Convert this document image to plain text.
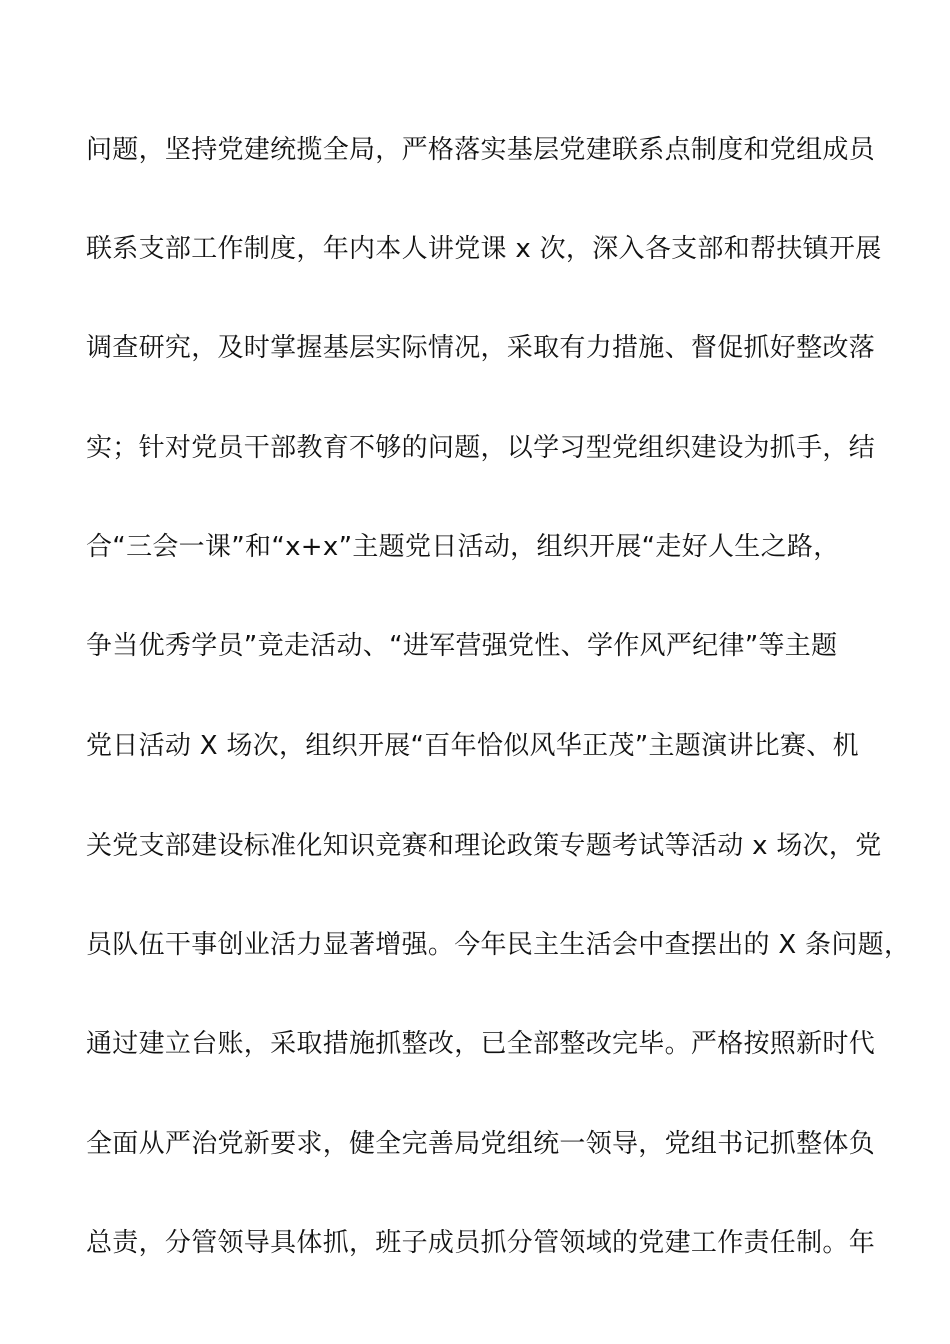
问题，坚持党建统揽全局，严格落实基层党建联系点制度和党组成员
联系支部工作制度，年内本人讲党课 x 次，深入各支部和帮扶镇开展
调查研究，及时掌握基层实际情况，采取有力措施、督促抓好整改落
实；针对党员干部教育不够的问题，以学习型党组织建设为抓手，结
合“三会一课”和“x+x”主题党日活动，组织开展“走好人生之路，
争当优秀学员”竞走活动、“进军营强党性、学作风严纪律”等主题
党日活动 X 场次，组织开展“百年恰似风华正茂”主题演讲比赛、机
关党支部建设标准化知识竞赛和理论政策专题考试等活动 x 场次，党
员队伍干事创业活力显著增强。今年民主生活会中查摆出的 X 条问题，
通过建立台账，采取措施抓整改，已全部整改完毕。严格按照新时代
全面从严治党新要求，健全完善局党组统一领导，党组书记抓整体负
总责，分管领导具体抓，班子成员抓分管领域的党建工作责任制。年
